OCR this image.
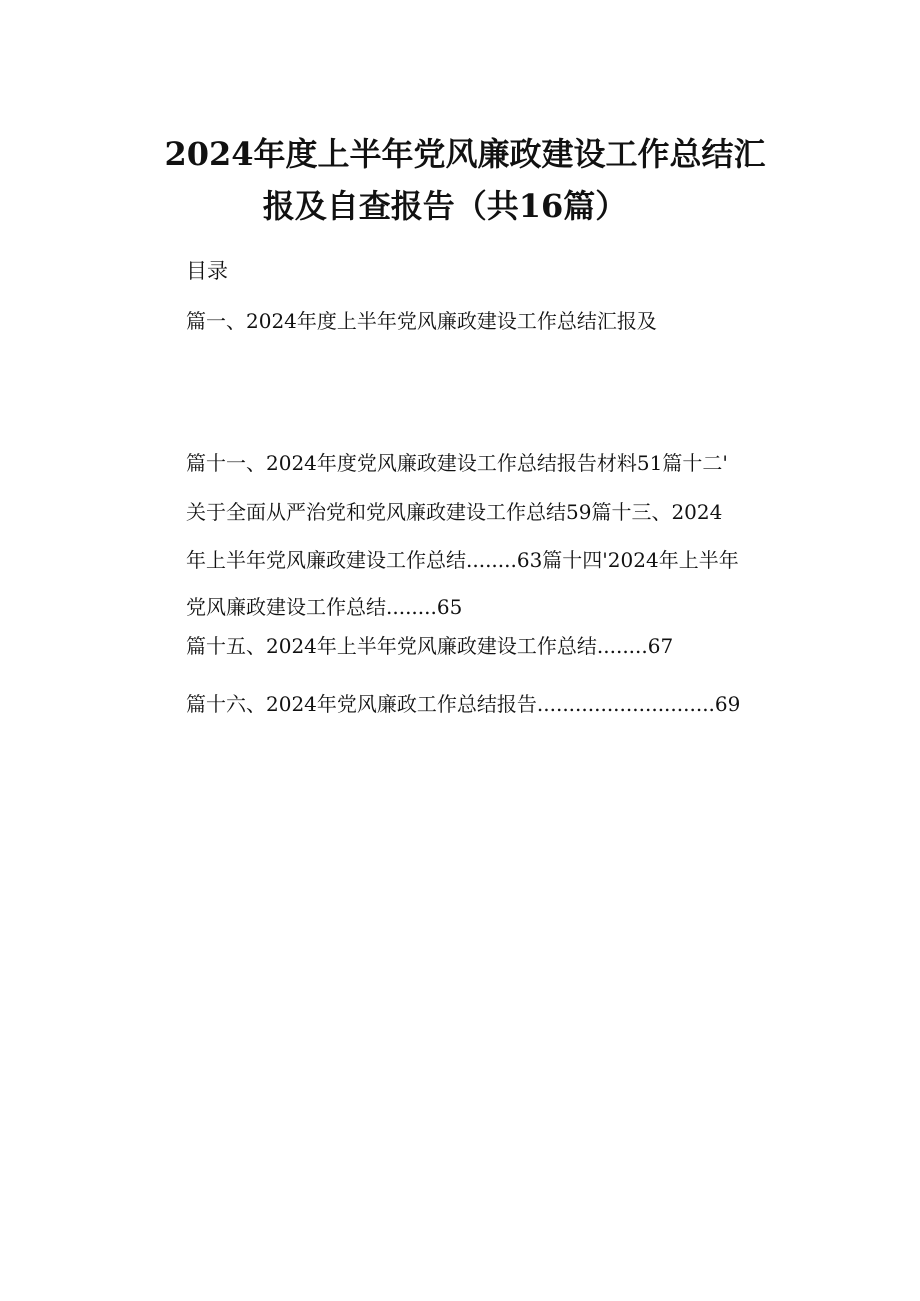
2024年度上半年党风廉政建设工作总结汇
报及自查报告（共16篇）
目录
篇一、2024年度上半年党风廉政建设工作总结汇报及
篇十一、2024年度党风廉政建设工作总结报告材料51篇十二'
关于全面从严治党和党风廉政建设工作总结59篇十三、2024
年上半年党风廉政建设工作总结........63篇十四'2024年上半年
党风廉政建设工作总结........65
篇十五、2024年上半年党风廉政建设工作总结........67
篇十六、2024年党风廉政工作总结报告............................69
